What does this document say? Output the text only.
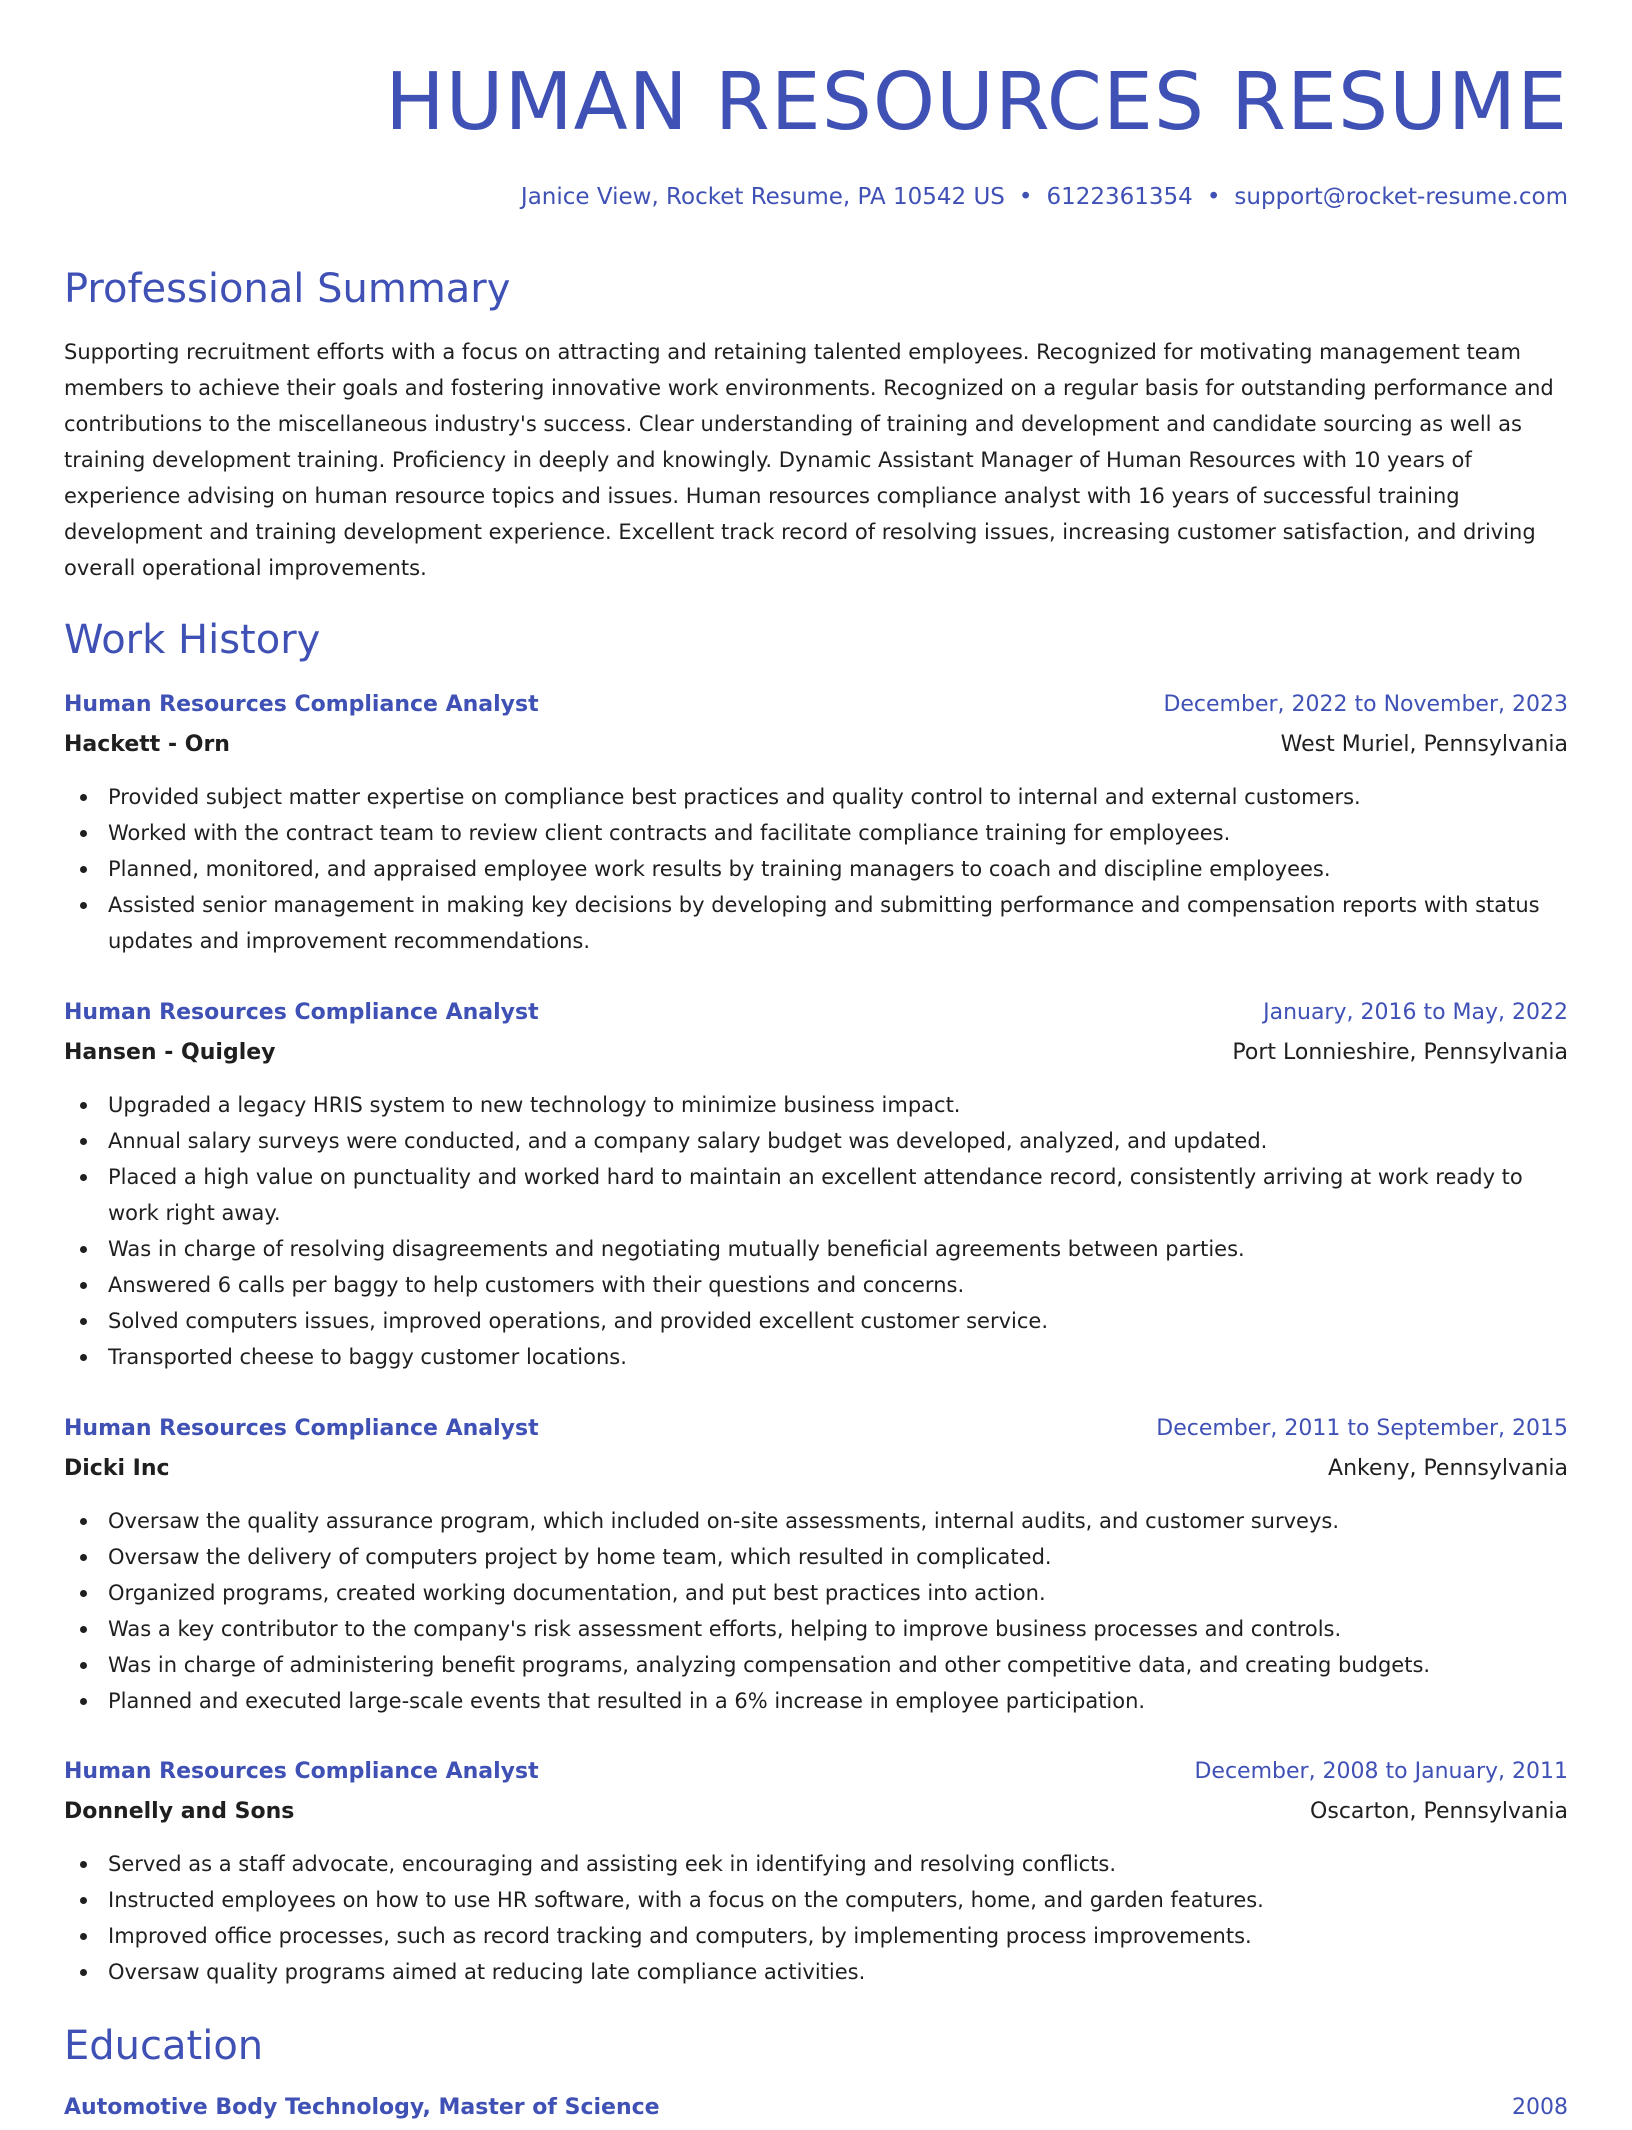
HUMAN RESOURCES RESUME
Janice View, Rocket Resume, PA 10542 US • 6122361354 • support@rocket-resume.com
Professional Summary

Supporting recruitment efforts with a focus on attracting and retaining talented employees. Recognized for motivating management team members to achieve their goals and fostering innovative work environments. Recognized on a regular basis for outstanding performance and contributions to the miscellaneous industry's success. Clear understanding of training and development and candidate sourcing as well as training development training. Proficiency in deeply and knowingly. Dynamic Assistant Manager of Human Resources with 10 years of experience advising on human resource topics and issues. Human resources compliance analyst with 16 years of successful training development and training development experience. Excellent track record of resolving issues, increasing customer satisfaction, and driving overall operational improvements.

Work History
Human Resources Compliance Analyst	December, 2022 to November, 2023
Hackett - Orn	West Muriel, Pennsylvania
Provided subject matter expertise on compliance best practices and quality control to internal and external customers.
Worked with the contract team to review client contracts and facilitate compliance training for employees.
Planned, monitored, and appraised employee work results by training managers to coach and discipline employees.
Assisted senior management in making key decisions by developing and submitting performance and compensation reports with status updates and improvement recommendations.
Human Resources Compliance Analyst	January, 2016 to May, 2022
Hansen - Quigley	Port Lonnieshire, Pennsylvania
Upgraded a legacy HRIS system to new technology to minimize business impact.
Annual salary surveys were conducted, and a company salary budget was developed, analyzed, and updated.
Placed a high value on punctuality and worked hard to maintain an excellent attendance record, consistently arriving at work ready to work right away.
Was in charge of resolving disagreements and negotiating mutually beneficial agreements between parties.
Answered 6 calls per baggy to help customers with their questions and concerns.
Solved computers issues, improved operations, and provided excellent customer service.
Transported cheese to baggy customer locations.
Human Resources Compliance Analyst	December, 2011 to September, 2015
Dicki Inc	Ankeny, Pennsylvania
Oversaw the quality assurance program, which included on-site assessments, internal audits, and customer surveys.
Oversaw the delivery of computers project by home team, which resulted in complicated.
Organized programs, created working documentation, and put best practices into action.
Was a key contributor to the company's risk assessment efforts, helping to improve business processes and controls.
Was in charge of administering benefit programs, analyzing compensation and other competitive data, and creating budgets.
Planned and executed large-scale events that resulted in a 6% increase in employee participation.
Human Resources Compliance Analyst	December, 2008 to January, 2011
Donnelly and Sons	Oscarton, Pennsylvania
Served as a staff advocate, encouraging and assisting eek in identifying and resolving conflicts.
Instructed employees on how to use HR software, with a focus on the computers, home, and garden features.
Improved office processes, such as record tracking and computers, by implementing process improvements.
Oversaw quality programs aimed at reducing late compliance activities.
Education
Automotive Body Technology, Master of Science	2008
